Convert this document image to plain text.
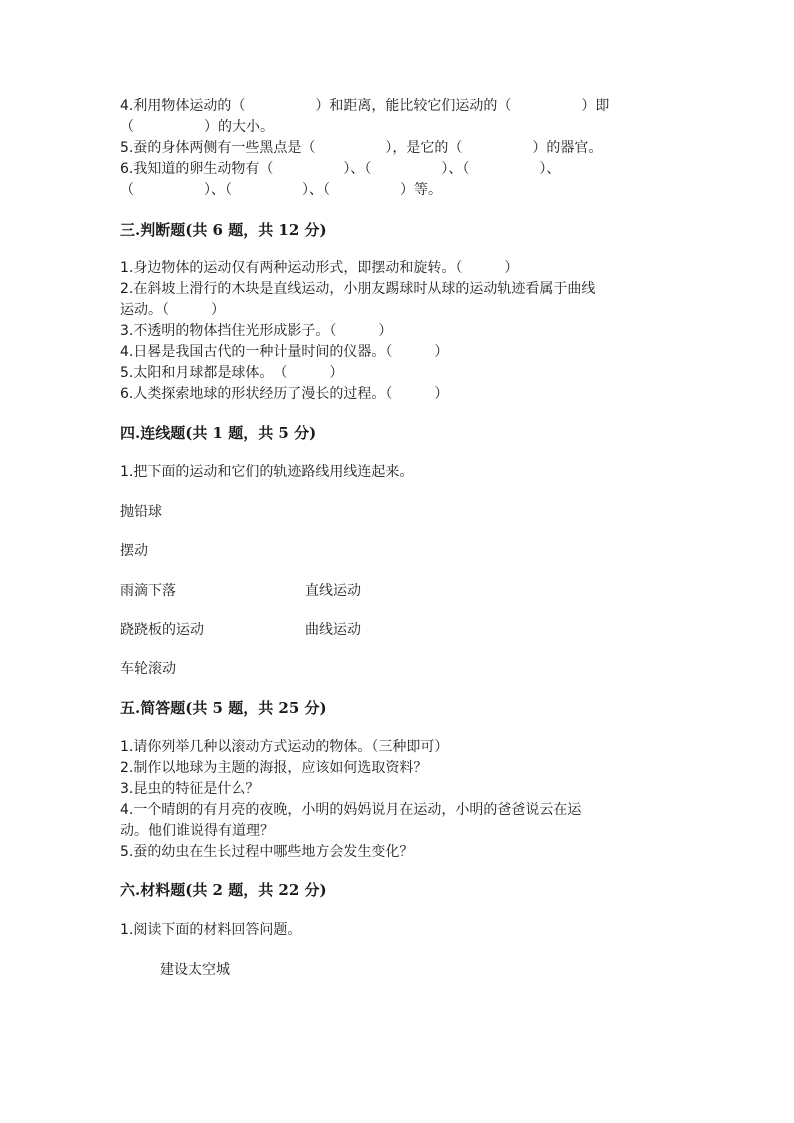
4.利用物体运动的（　　　　　）和距离，能比较它们运动的（　　　　　）即
（　　　　　）的大小。
5.蚕的身体两侧有一些黑点是（　　　　　），是它的（　　　　　）的器官。
6.我知道的卵生动物有（　　　　　）、（　　　　　）、（　　　　　）、
（　　　　　）、（　　　　　）、（　　　　　）等。
三.判断题(共 6 题，共 12 分)
1.身边物体的运动仅有两种运动形式，即摆动和旋转。（　　　）
2.在斜坡上滑行的木块是直线运动，小朋友踢球时从球的运动轨迹看属于曲线
运动。（　　　）
3.不透明的物体挡住光形成影子。（　　　）
4.日晷是我国古代的一种计量时间的仪器。（　　　）
5.太阳和月球都是球体。　（　　　）
6.人类探索地球的形状经历了漫长的过程。（　　　）
四.连线题(共 1 题，共 5 分)
1.把下面的运动和它们的轨迹路线用线连起来。
抛铅球
摆动
雨滴下落	直线运动
跷跷板的运动	曲线运动
车轮滚动
五.简答题(共 5 题，共 25 分)
1.请你列举几种以滚动方式运动的物体。（三种即可）
2.制作以地球为主题的海报，应该如何选取资料？
3.昆虫的特征是什么？
4.一个晴朗的有月亮的夜晚，小明的妈妈说月在运动，小明的爸爸说云在运
动。他们谁说得有道理？
5.蚕的幼虫在生长过程中哪些地方会发生变化？
六.材料题(共 2 题，共 22 分)
1.阅读下面的材料回答问题。
建设太空城
